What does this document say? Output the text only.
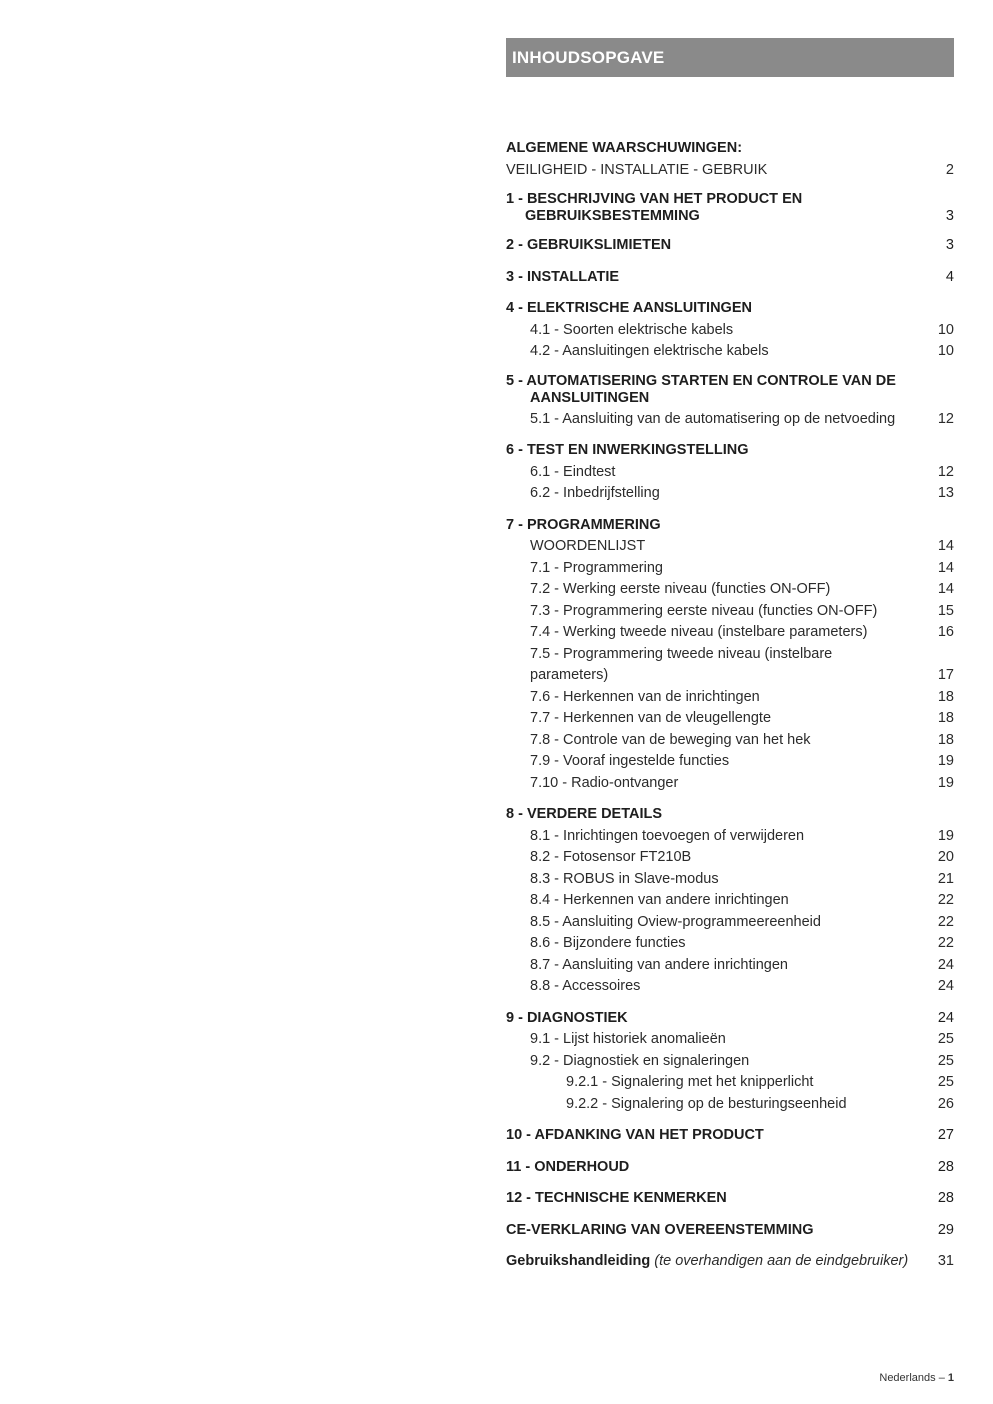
INHOUDSOPGAVE
ALGEMENE WAARSCHUWINGEN:
VEILIGHEID - INSTALLATIE - GEBRUIK	2
1 - BESCHRIJVING VAN HET PRODUCT EN
GEBRUIKSBESTEMMING	3
2 - GEBRUIKSLIMIETEN	3
3 - INSTALLATIE	4
4 - ELEKTRISCHE AANSLUITINGEN
4.1 - Soorten elektrische kabels	10
4.2 - Aansluitingen elektrische kabels	10
5 - AUTOMATISERING STARTEN EN CONTROLE VAN DE
AANSLUITINGEN
5.1 - Aansluiting van de automatisering op de netvoeding	12
6 - TEST EN INWERKINGSTELLING
6.1 - Eindtest	12
6.2 - Inbedrijfstelling	13
7 - PROGRAMMERING
WOORDENLIJST	14
7.1 - Programmering	14
7.2 - Werking eerste niveau (functies ON-OFF)	14
7.3 - Programmering eerste niveau (functies ON-OFF)	15
7.4 - Werking tweede niveau (instelbare parameters)	16
7.5 - Programmering tweede niveau (instelbare parameters)	17
7.6 - Herkennen van de inrichtingen	18
7.7 - Herkennen van de vleugellengte	18
7.8 - Controle van de beweging van het hek	18
7.9 - Vooraf ingestelde functies	19
7.10 - Radio-ontvanger	19
8 - VERDERE DETAILS
8.1 - Inrichtingen toevoegen of verwijderen	19
8.2 - Fotosensor FT210B	20
8.3 - ROBUS in Slave-modus	21
8.4 - Herkennen van andere inrichtingen	22
8.5 - Aansluiting Oview-programmeereenheid	22
8.6 - Bijzondere functies	22
8.7 - Aansluiting van andere inrichtingen	24
8.8 - Accessoires	24
9 - DIAGNOSTIEK	24
9.1 - Lijst historiek anomalieën	25
9.2 - Diagnostiek en signaleringen	25
9.2.1 - Signalering met het knipperlicht	25
9.2.2 - Signalering op de besturingseenheid	26
10 - AFDANKING VAN HET PRODUCT	27
11 - ONDERHOUD	28
12 - TECHNISCHE KENMERKEN	28
CE-VERKLARING VAN OVEREENSTEMMING	29
Gebruikshandleiding (te overhandigen aan de eindgebruiker)	31
Nederlands – 1
